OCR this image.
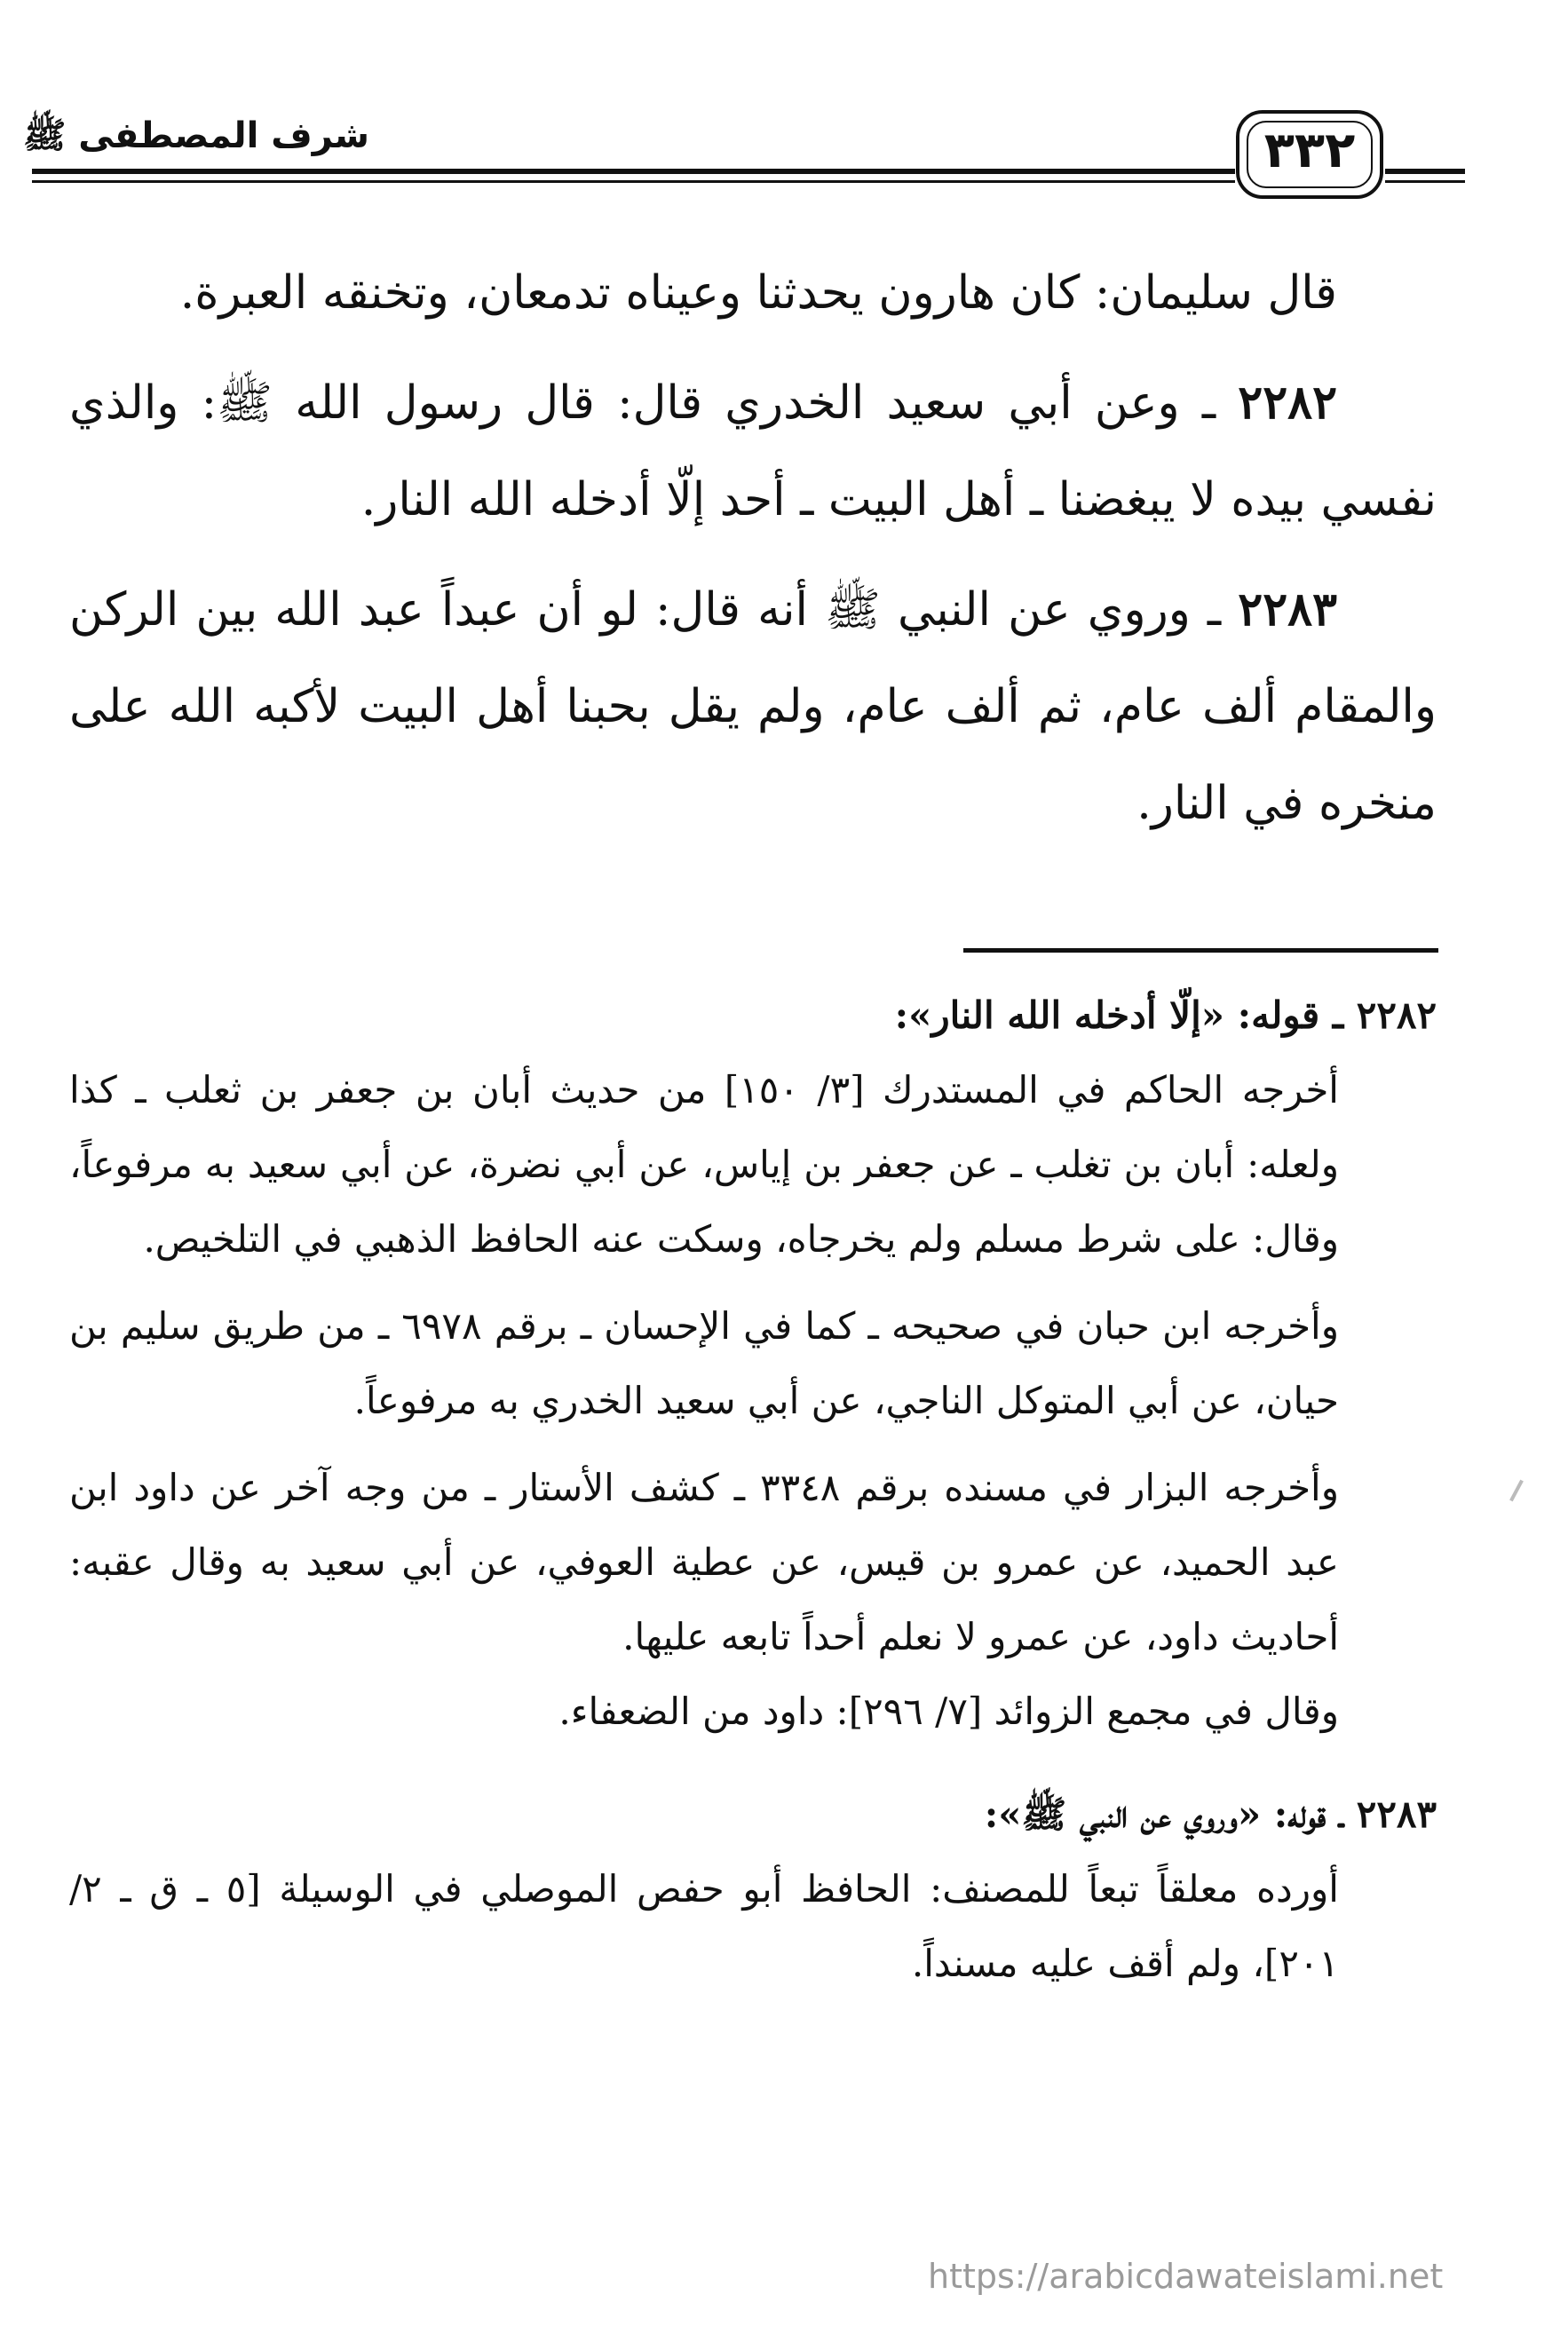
شرف المصطفى ﷺ	٣٣٢

قال سليمان: كان هارون يحدثنا وعيناه تدمعان، وتخنقه العبرة.

٢٢٨٢ ـ وعن أبي سعيد الخدري قال: قال رسول الله ﷺ: والذي نفسي بيده لا يبغضنا ـ أهل البيت ـ أحد إلّا أدخله الله النار.

٢٢٨٣ ـ وروي عن النبي ﷺ أنه قال: لو أن عبداً عبد الله بين الركن والمقام ألف عام، ثم ألف عام، ولم يقل بحبنا أهل البيت لأكبه الله على منخره في النار.

٢٢٨٢ ـ قوله: «إلّا أدخله الله النار»:

أخرجه الحاكم في المستدرك [٣/ ١٥٠] من حديث أبان بن جعفر بن ثعلب ـ كذا ولعله: أبان بن تغلب ـ عن جعفر بن إياس، عن أبي نضرة، عن أبي سعيد به مرفوعاً، وقال: على شرط مسلم ولم يخرجاه، وسكت عنه الحافظ الذهبي في التلخيص.

وأخرجه ابن حبان في صحيحه ـ كما في الإحسان ـ برقم ٦٩٧٨ ـ من طريق سليم بن حيان، عن أبي المتوكل الناجي، عن أبي سعيد الخدري به مرفوعاً.

وأخرجه البزار في مسنده برقم ٣٣٤٨ ـ كشف الأستار ـ من وجه آخر عن داود ابن عبد الحميد، عن عمرو بن قيس، عن عطية العوفي، عن أبي سعيد به وقال عقبه: أحاديث داود، عن عمرو لا نعلم أحداً تابعه عليها.

وقال في مجمع الزوائد [٧/ ٢٩٦]: داود من الضعفاء.

٢٢٨٣ ـ قوله: «وروي عن النبي ﷺ»:

أورده معلقاً تبعاً للمصنف: الحافظ أبو حفص الموصلي في الوسيلة [٥ ـ ق ـ ٢/ ٢٠١]، ولم أقف عليه مسنداً.

https://arabicdawateislami.net
